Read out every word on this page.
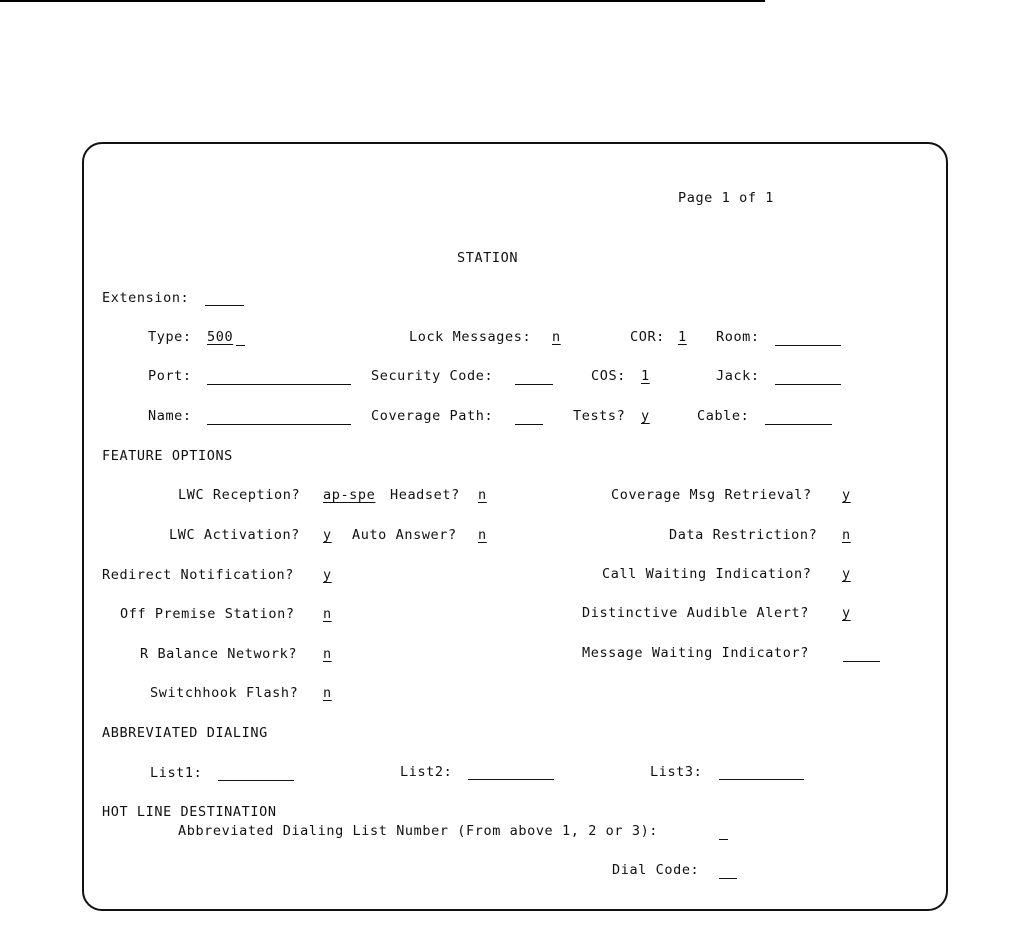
Page 1 of 1
STATION
Extension:
Type: 500	Lock Messages: n	COR: 1 Room:
Port:	Security Code:	COS: 1	Jack:
Name:	Coverage Path:	Tests? y	Cable:
FEATURE OPTIONS
LWC Reception? ap-spe Headset? n	Coverage Msg Retrieval? y
LWC Activation? y Auto Answer? n	Data Restriction? n
Redirect Notification? y	Call Waiting Indication? y
Off Premise Station? n	Distinctive Audible Alert? y
R Balance Network? n	Message Waiting Indicator?
Switchhook Flash? n
ABBREVIATED DIALING
List1:	List2:	List3:
HOT LINE DESTINATION
Abbreviated Dialing List Number (From above 1, 2 or 3):
Dial Code:
